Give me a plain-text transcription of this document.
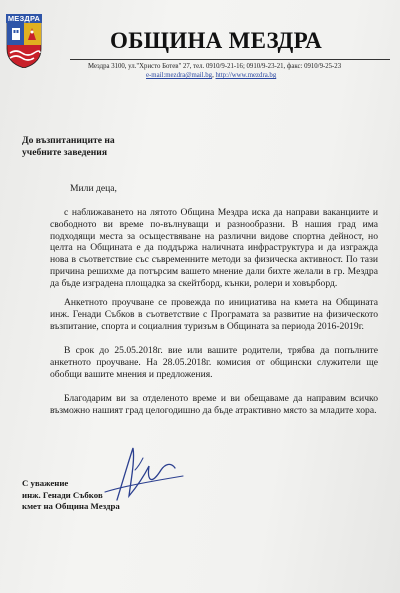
МЕЗДРА
ОБЩИНА МЕЗДРА
Мездра 3100, ул."Христо Ботев" 27, тел. 0910/9-21-16; 0910/9-23-21, факс: 0910/9-25-23
e-mail:mezdra@mail.bg, http://www.mezdra.bg
До възпитаниците на
учебните заведения
Мили деца,
с наближаването на лятото Община Мездра иска да направи ваканциите и свободното ви време по-вълнуващи и разнообразни. В нашия град има подходящи места за осъществяване на различни видове спортна дейност, но целта на Общината е да поддържа наличната инфраструктура и да изгражда нова в съответствие със съвременните методи за физическа активност. По тази причина решихме да потърсим вашето мнение дали бихте желали в гр. Мездра да бъде изградена площадка за скейтборд, кънки, ролери и ховърборд.
Анкетното проучване се провежда по инициатива на кмета на Общината инж. Генади Събков в съответствие с Програмата за развитие на физическото възпитание, спорта и социалния туризъм в Общината за периода 2016-2019г.
В срок до 25.05.2018г. вие или вашите родители, трябва да попълните анкетното проучване. На 28.05.2018г. комисия от общински служители ще обобщи вашите мнения и предложения.
Благодарим ви за отделеното време и ви обещаваме да направим всичко възможно нашият град целогодишно да бъде атрактивно място за младите хора.
С уважение
инж. Генади Събков
кмет на Община Мездра
